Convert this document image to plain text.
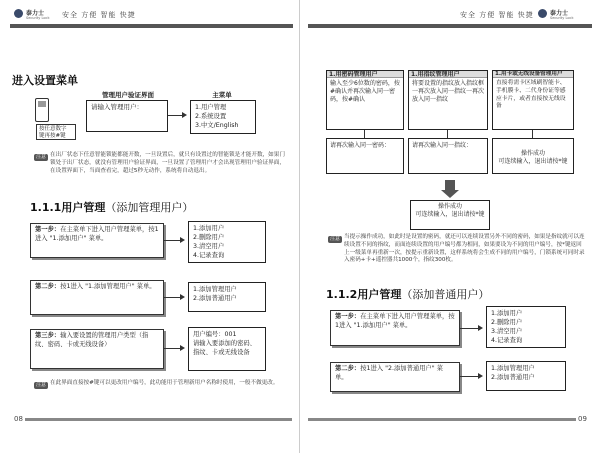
泰力士
Security Lock 安全 方便 智能 快捷
进入设置菜单
按任意数字
键再按#键
管理用户验证界面
请输入管理用户：
主菜单
1.用户管理
2.系统设置
3.中文/English
注意 在出厂状态下任意智能锁能都能开数，一旦设置后，就只有设置过的智能锁是才能开数，如果门锁处于出厂状态，就没有管理用户验证界面，一旦设置了管理用户才会出现管理用户验证界面，在设置界面下，当面查看完，超过5秒无动作，系统将自动退出。
1.1.1用户管理（添加管理用户）
第一步：在主菜单下进入用户管理菜单，按1进入 "1.添加用户" 菜单。
1.添加用户
2.删除用户
3.清空用户
4.记录查询
第二步：按1进入 "1.添加管理用户" 菜单。	1.添加管理用户
2.添加普通用户
第三步：输入要设置的管理用户类型（指纹、密码、卡或无线设备）
用户编号：001
请输入要添加的密码、指纹、卡或无线设备
注意 在此界面直接按#键可以更改用户编号，此功能用于管理新用户名称时使用，一般不做更改。
08
安全 方便 智能 快捷	泰力士
Security Lock
1.用密码管理用户
输入至少6位数的密码，按#确认并再次输入同一密码，按#确认
1.用指纹管理用户
将要设置的指纹放入指纹框一再次放入同一指纹一再次放入同一指纹
1.用卡或无线设备管理用户
直接将需卡区域刷智能卡、手机膜卡、二代身份证等感应卡片，或者直接按无线设备
请再次输入同一密码：	请再次输入同一指纹：

操作成功
可连续输入，退出请按*键

操作成功
可连续输入，退出请按*键
注意 当提示操作成功，如此时是设置的密码，就还可以连续设置另外不同的密码，如果是指纹就可以连续设置不同的指纹，而面连续设置的用户编号都为相同，如果要设为不同的用户编号，按*键返回上一级菜单再重新一次，按提示重新设置，这样系统将会生成不同的用户编号，门锁系统可同时录入密码+卡+遥控器共1000个，指纹300枚。
1.1.2用户管理（添加普通用户）
第一步：在主菜单下进入用户管理菜单，按1进入 "1.添加用户" 菜单。
1.添加用户
2.删除用户
3.清空用户
4.记录查询
第二步：按1进入 "2.添加普通用户" 菜单。
1.添加管理用户
2.添加普通用户
09
